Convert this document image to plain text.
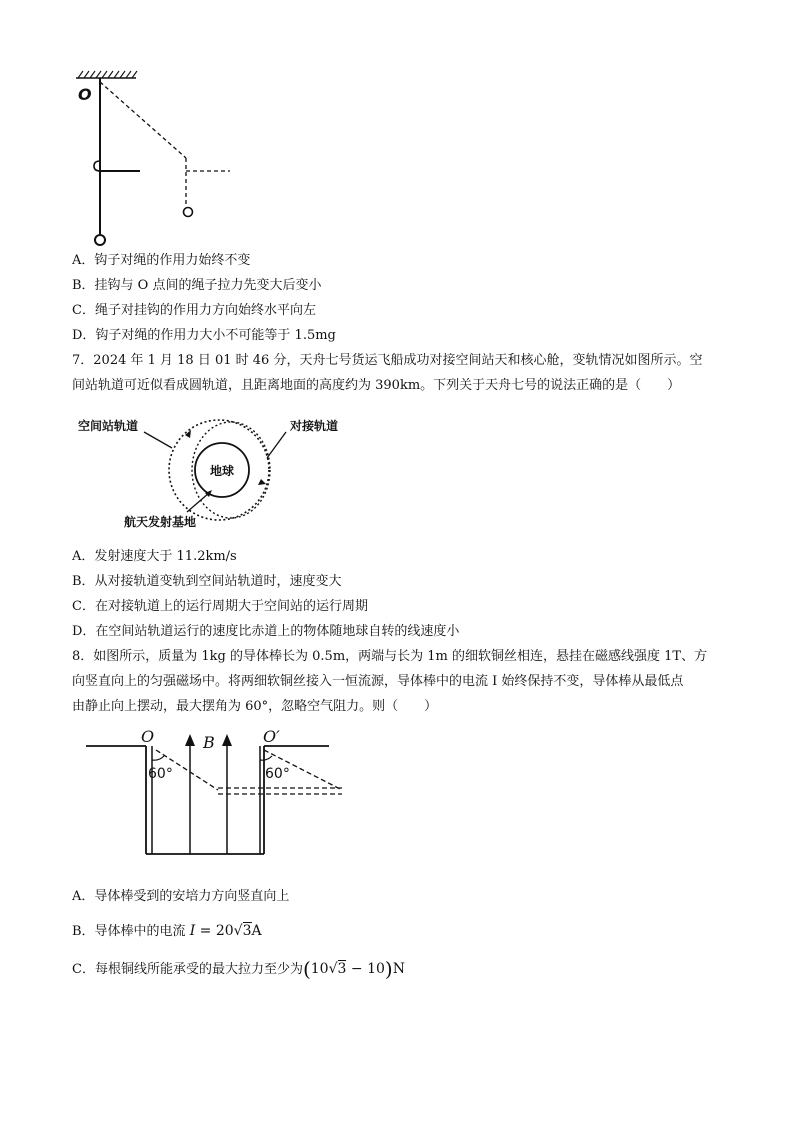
O
A．钩子对绳的作用力始终不变
B．挂钩与 O 点间的绳子拉力先变大后变小
C．绳子对挂钩的作用力方向始终水平向左
D．钩子对绳的作用力大小不可能等于 1.5mg
7．2024 年 1 月 18 日 01 时 46 分，天舟七号货运飞船成功对接空间站天和核心舱，变轨情况如图所示。空
间站轨道可近似看成圆轨道，且距离地面的高度约为 390km。下列关于天舟七号的说法正确的是（　　）
地球
空间站轨道	对接轨道
航天发射基地
A．发射速度大于 11.2km/s
B．从对接轨道变轨到空间站轨道时，速度变大
C．在对接轨道上的运行周期大于空间站的运行周期
D．在空间站轨道运行的速度比赤道上的物体随地球自转的线速度小
8．如图所示，质量为 1kg 的导体棒长为 0.5m，两端与长为 1m 的细软铜丝相连，悬挂在磁感线强度 1T、方
向竖直向上的匀强磁场中。将两细软铜丝接入一恒流源，导体棒中的电流 I 始终保持不变，导体棒从最低点
由静止向上摆动，最大摆角为 60°，忽略空气阻力。则（　　）
O	B	O′
60°	60°
A．导体棒受到的安培力方向竖直向上
B．导体棒中的电流 I = 20√3A
C．每根铜线所能承受的最大拉力至少为(10√3 − 10)N
